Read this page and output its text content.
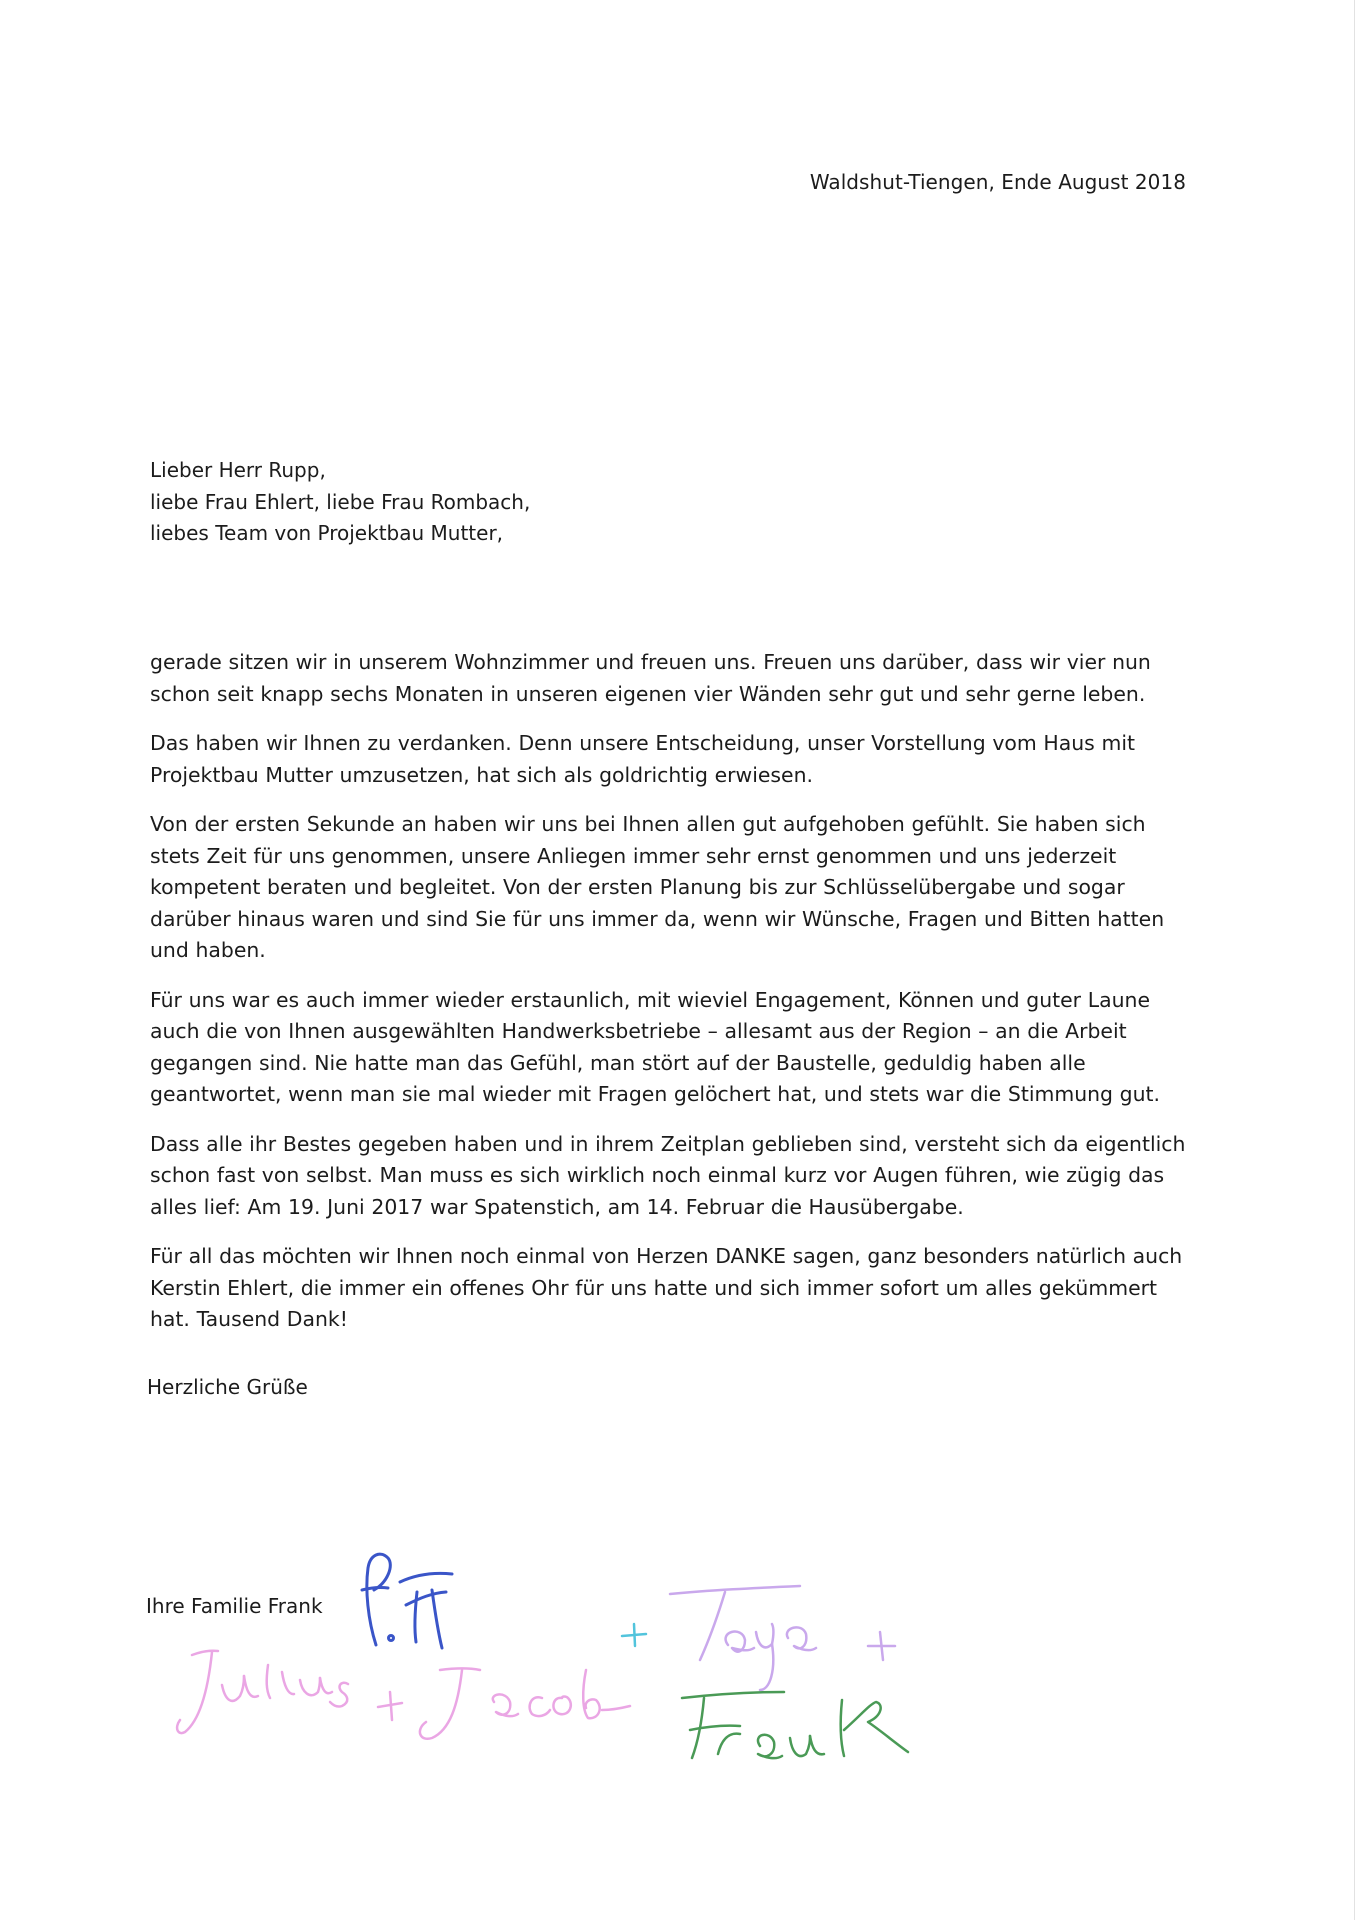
Waldshut-Tiengen, Ende August 2018
Lieber Herr Rupp,
liebe Frau Ehlert, liebe Frau Rombach,
liebes Team von Projektbau Mutter,

gerade sitzen wir in unserem Wohnzimmer und freuen uns. Freuen uns darüber, dass wir vier nun schon seit knapp sechs Monaten in unseren eigenen vier Wänden sehr gut und sehr gerne leben.

Das haben wir Ihnen zu verdanken. Denn unsere Entscheidung, unser Vorstellung vom Haus mit Projektbau Mutter umzusetzen, hat sich als goldrichtig erwiesen.

Von der ersten Sekunde an haben wir uns bei Ihnen allen gut aufgehoben gefühlt. Sie haben sich stets Zeit für uns genommen, unsere Anliegen immer sehr ernst genommen und uns jederzeit kompetent beraten und begleitet. Von der ersten Planung bis zur Schlüsselübergabe und sogar darüber hinaus waren und sind Sie für uns immer da, wenn wir Wünsche, Fragen und Bitten hatten und haben.

Für uns war es auch immer wieder erstaunlich, mit wieviel Engagement, Können und guter Laune auch die von Ihnen ausgewählten Handwerksbetriebe – allesamt aus der Region – an die Arbeit gegangen sind. Nie hatte man das Gefühl, man stört auf der Baustelle, geduldig haben alle geantwortet, wenn man sie mal wieder mit Fragen gelöchert hat, und stets war die Stimmung gut.

Dass alle ihr Bestes gegeben haben und in ihrem Zeitplan geblieben sind, versteht sich da eigentlich schon fast von selbst. Man muss es sich wirklich noch einmal kurz vor Augen führen, wie zügig das alles lief: Am 19. Juni 2017 war Spatenstich, am 14. Februar die Hausübergabe.

Für all das möchten wir Ihnen noch einmal von Herzen DANKE sagen, ganz besonders natürlich auch Kerstin Ehlert, die immer ein offenes Ohr für uns hatte und sich immer sofort um alles gekümmert hat. Tausend Dank!

Herzliche Grüße
Ihre Familie Frank
